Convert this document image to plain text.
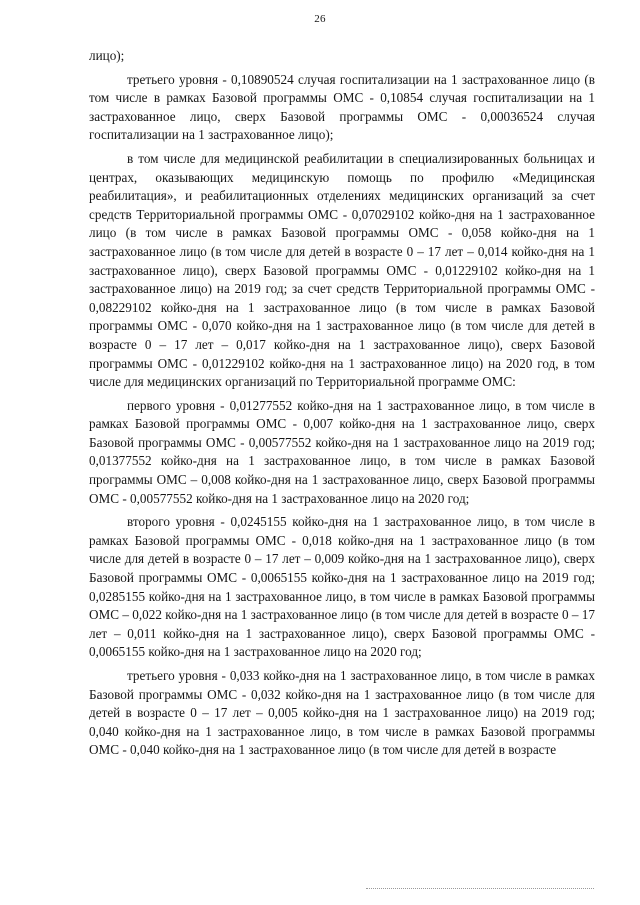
26

лицо);

третьего уровня - 0,10890524 случая госпитализации на 1 застрахованное лицо (в том числе в рамках Базовой программы ОМС - 0,10854 случая госпитализации на 1 застрахованное лицо, сверх Базовой программы ОМС - 0,00036524 случая госпитализации на 1 застрахованное лицо);

в том числе для медицинской реабилитации в специализированных больницах и центрах, оказывающих медицинскую помощь по профилю «Медицинская реабилитация», и реабилитационных отделениях медицинских организаций за счет средств Территориальной программы ОМС - 0,07029102 койко-дня на 1 застрахованное лицо (в том числе в рамках Базовой программы ОМС - 0,058 койко-дня на 1 застрахованное лицо (в том числе для детей в возрасте 0 – 17 лет – 0,014 койко-дня на 1 застрахованное лицо), сверх Базовой программы ОМС - 0,01229102 койко-дня на 1 застрахованное лицо) на 2019 год; за счет средств Территориальной программы ОМС - 0,08229102 койко-дня на 1 застрахованное лицо (в том числе в рамках Базовой программы ОМС - 0,070 койко-дня на 1 застрахованное лицо (в том числе для детей в возрасте 0 – 17 лет – 0,017 койко-дня на 1 застрахованное лицо), сверх Базовой программы ОМС - 0,01229102 койко-дня на 1 застрахованное лицо) на 2020 год, в том числе для медицинских организаций по Территориальной программе ОМС:

первого уровня - 0,01277552 койко-дня на 1 застрахованное лицо, в том числе в рамках Базовой программы ОМС - 0,007 койко-дня на 1 застрахованное лицо, сверх Базовой программы ОМС - 0,00577552 койко-дня на 1 застрахованное лицо на 2019 год; 0,01377552 койко-дня на 1 застрахованное лицо, в том числе в рамках Базовой программы ОМС – 0,008 койко-дня на 1 застрахованное лицо, сверх Базовой программы ОМС - 0,00577552 койко-дня на 1 застрахованное лицо на 2020 год;

второго уровня - 0,0245155 койко-дня на 1 застрахованное лицо, в том числе в рамках Базовой программы ОМС - 0,018 койко-дня на 1 застрахованное лицо (в том числе для детей в возрасте 0 – 17 лет – 0,009 койко-дня на 1 застрахованное лицо), сверх Базовой программы ОМС - 0,0065155 койко-дня на 1 застрахованное лицо на 2019 год; 0,0285155 койко-дня на 1 застрахованное лицо, в том числе в рамках Базовой программы ОМС – 0,022 койко-дня на 1 застрахованное лицо (в том числе для детей в возрасте 0 – 17 лет – 0,011 койко-дня на 1 застрахованное лицо), сверх Базовой программы ОМС - 0,0065155 койко-дня на 1 застрахованное лицо на 2020 год;

третьего уровня - 0,033 койко-дня на 1 застрахованное лицо, в том числе в рамках Базовой программы ОМС - 0,032 койко-дня на 1 застрахованное лицо (в том числе для детей в возрасте 0 – 17 лет – 0,005 койко-дня на 1 застрахованное лицо) на 2019 год; 0,040 койко-дня на 1 застрахованное лицо, в том числе в рамках Базовой программы ОМС - 0,040 койко-дня на 1 застрахованное лицо (в том числе для детей в возрасте
